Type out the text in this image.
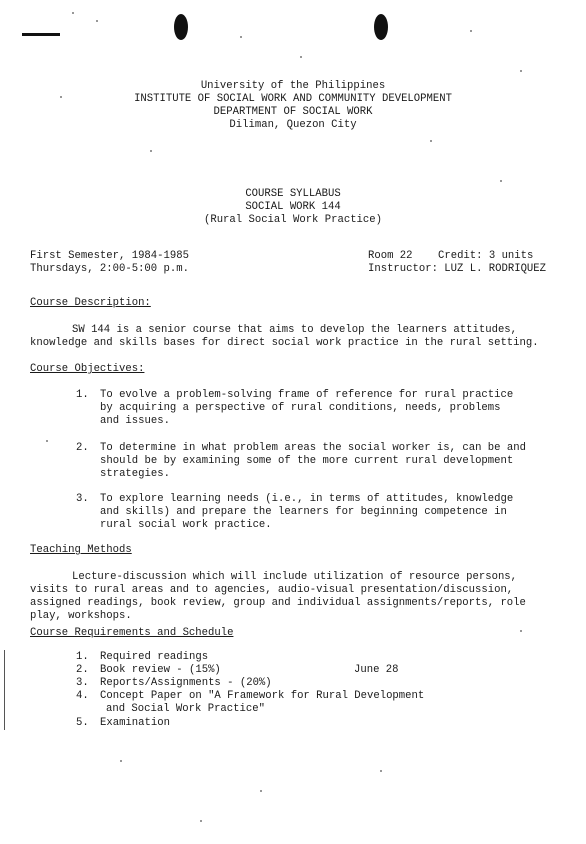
University of the Philippines
INSTITUTE OF SOCIAL WORK AND COMMUNITY DEVELOPMENT
DEPARTMENT OF SOCIAL WORK
Diliman, Quezon City
COURSE SYLLABUS
SOCIAL WORK 144
(Rural Social Work Practice)
First Semester, 1984-1985
Thursdays, 2:00-5:00 p.m.
Room 22 Credit: 3 units
Instructor: LUZ L. RODRIQUEZ
Course Description:
SW 144 is a senior course that aims to develop the learners attitudes,
knowledge and skills bases for direct social work practice in the rural setting.
Course Objectives:
1. To evolve a problem-solving frame of reference for rural practice
by acquiring a perspective of rural conditions, needs, problems
and issues.
2. To determine in what problem areas the social worker is, can be and
should be by examining some of the more current rural development
strategies.
3. To explore learning needs (i.e., in terms of attitudes, knowledge
and skills) and prepare the learners for beginning competence in
rural social work practice.
Teaching Methods
Lecture-discussion which will include utilization of resource persons,
visits to rural areas and to agencies, audio-visual presentation/discussion,
assigned readings, book review, group and individual assignments/reports, role
play, workshops.
Course Requirements and Schedule
1. Required readings
2. Book review - (15%)	June 28
3. Reports/Assignments - (20%)
4. Concept Paper on "A Framework for Rural Development
and Social Work Practice"
5. Examination
